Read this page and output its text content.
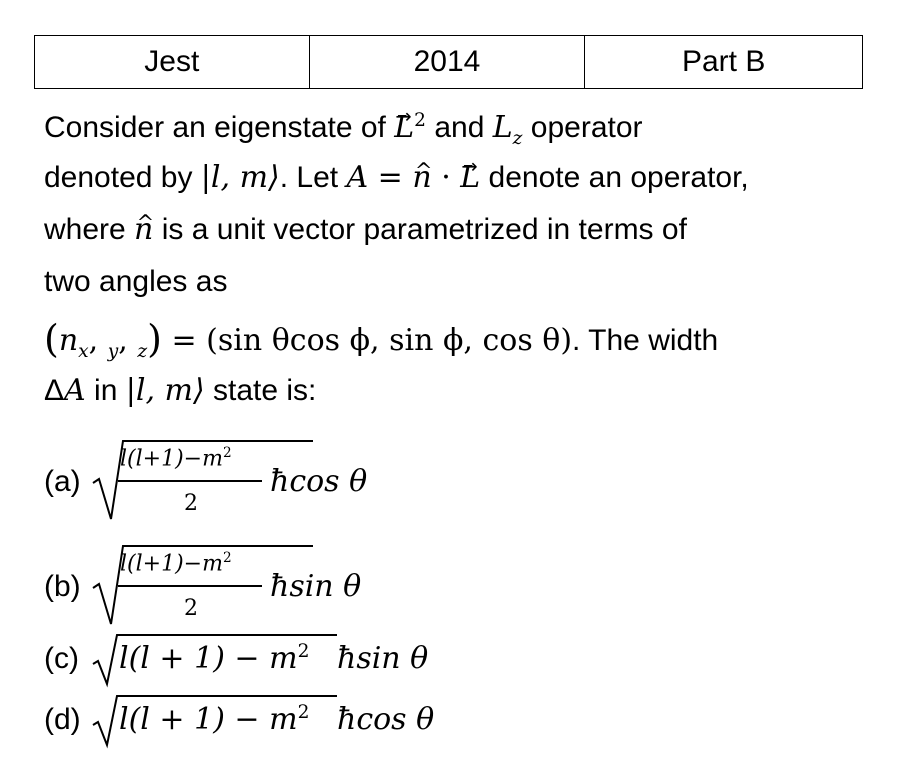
Jest	2014	Part B
Consider an eigenstate of → $L^2$ and $L_z$ operator
denoted by |l, m⟩. Let A = ^ n · → L denote an operator,
where ^ n is a unit vector parametrized in terms of
two angles as
($n_x$, $_y$, $_z$) = (sin θcos ϕ, sin ϕ, cos θ). The width
ΔA in |l, m⟩ state is:
(a)
$l(l+1)-m^2$
2
ħcos θ
(b)
$l(l+1)-m^2$
2
ħsin θ
(c) $l(l + 1) - m^2$ ħsin θ
(d) $l(l + 1) - m^2$ ħcos θ
